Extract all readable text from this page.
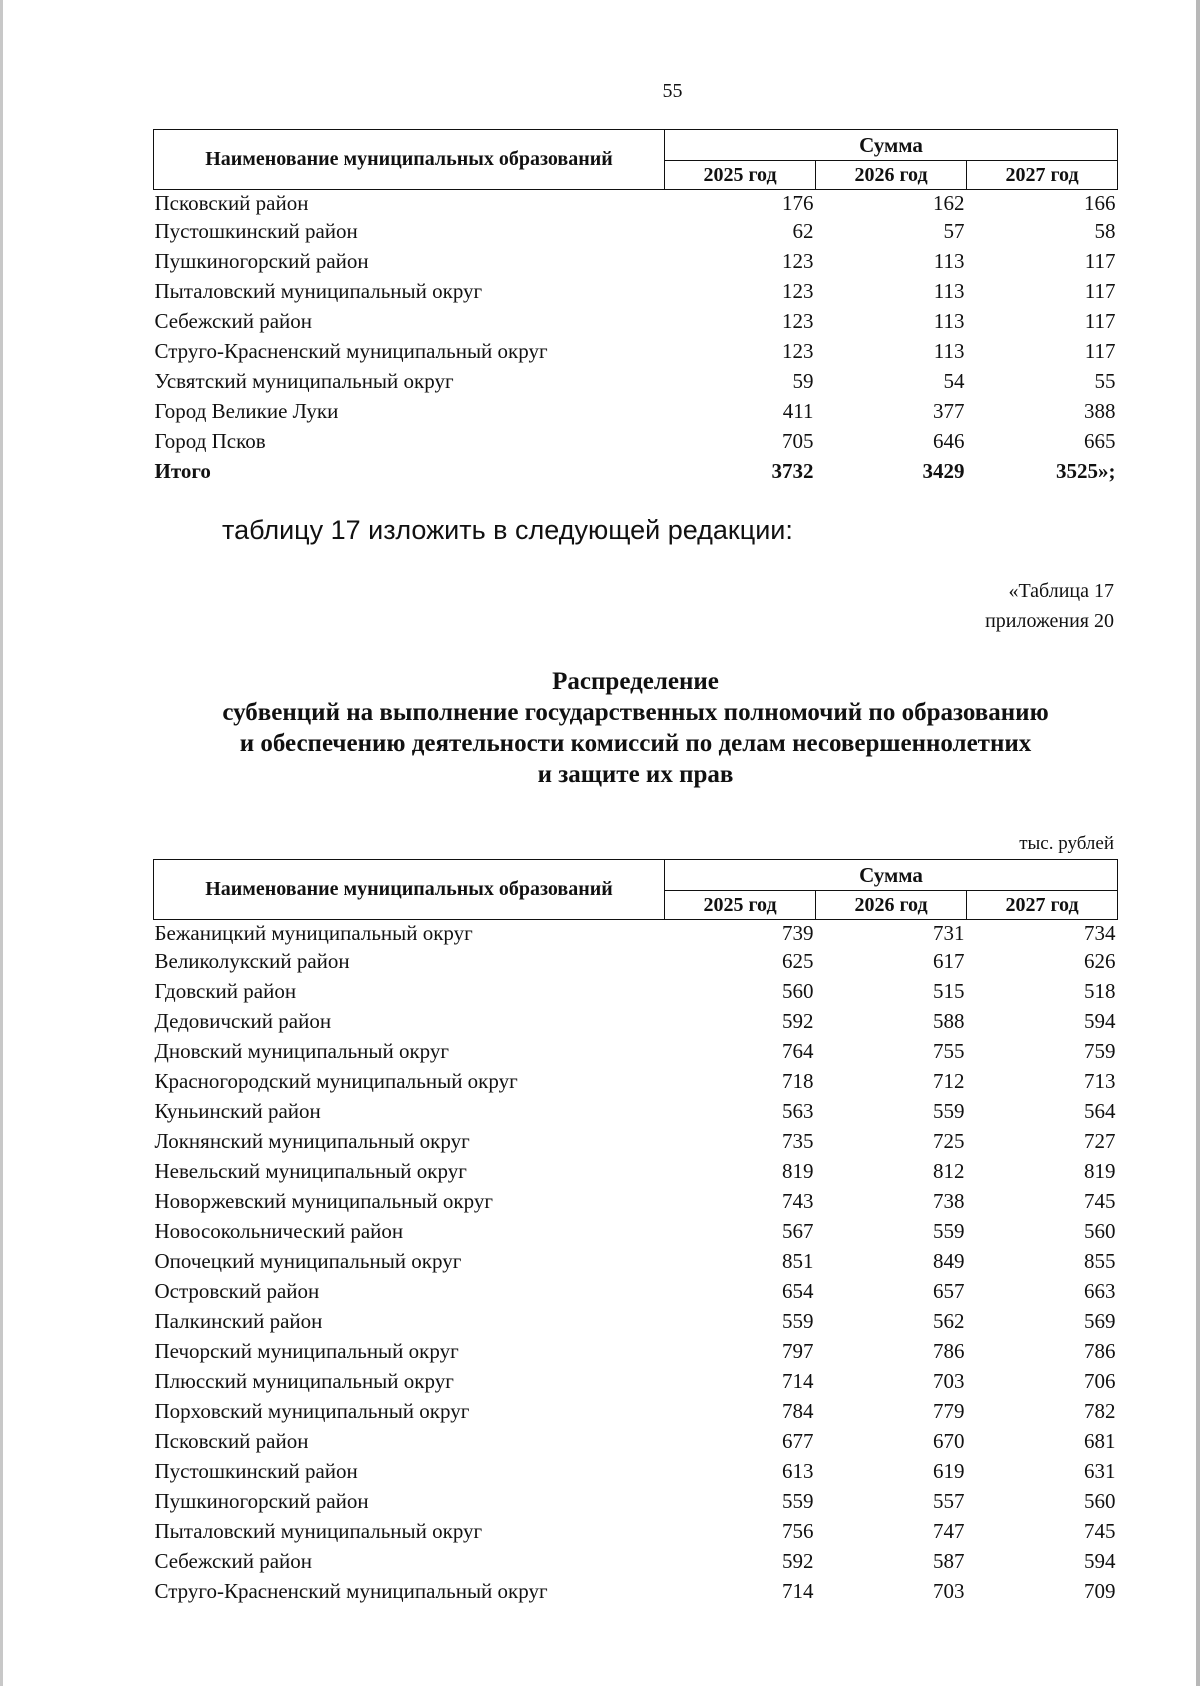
55
Наименование муниципальных образований	Сумма		
	2025 год	2026 год	2027 год
Псковский район	176	162	166
Пустошкинский район	62	57	58
Пушкиногорский район	123	113	117
Пыталовский муниципальный округ	123	113	117
Себежский район	123	113	117
Струго-Красненский муниципальный округ	123	113	117
Усвятский муниципальный округ	59	54	55
Город Великие Луки	411	377	388
Город Псков	705	646	665
Итого	3732	3429	3525»;
таблицу 17 изложить в следующей редакции:
«Таблица 17
приложения 20
Распределение
субвенций на выполнение государственных полномочий по образованию
и обеспечению деятельности комиссий по делам несовершеннолетних
и защите их прав
тыс. рублей
Наименование муниципальных образований	Сумма		
	2025 год	2026 год	2027 год
Бежаницкий муниципальный округ	739	731	734
Великолукский район	625	617	626
Гдовский район	560	515	518
Дедовичский район	592	588	594
Дновский муниципальный округ	764	755	759
Красногородский муниципальный округ	718	712	713
Куньинский район	563	559	564
Локнянский муниципальный округ	735	725	727
Невельский муниципальный округ	819	812	819
Новоржевский муниципальный округ	743	738	745
Новосокольнический район	567	559	560
Опочецкий муниципальный округ	851	849	855
Островский район	654	657	663
Палкинский район	559	562	569
Печорский муниципальный округ	797	786	786
Плюсский муниципальный округ	714	703	706
Порховский муниципальный округ	784	779	782
Псковский район	677	670	681
Пустошкинский район	613	619	631
Пушкиногорский район	559	557	560
Пыталовский муниципальный округ	756	747	745
Себежский район	592	587	594
Струго-Красненский муниципальный округ	714	703	709
